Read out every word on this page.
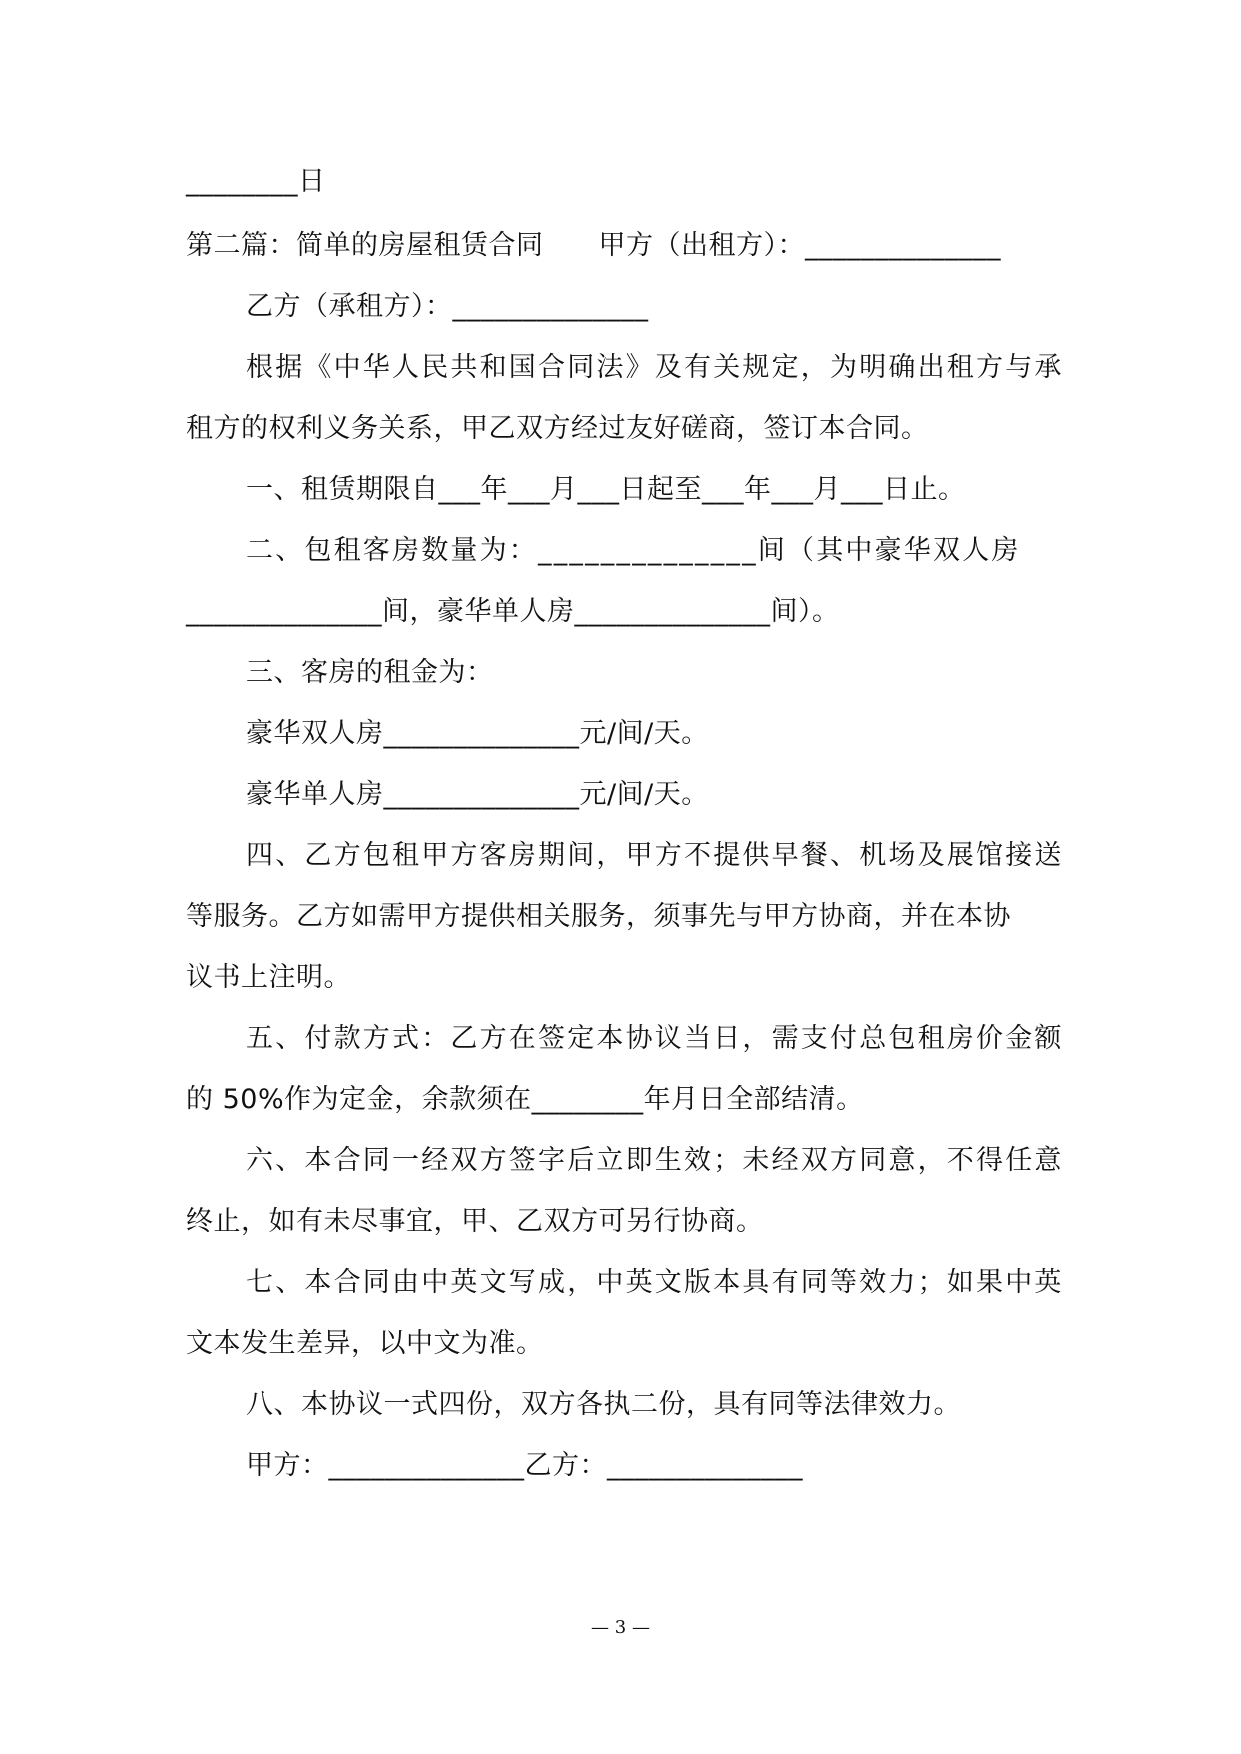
________日
第二篇：简单的房屋租赁合同　　甲方（出租方）：______________
乙方（承租方）：______________
根据《中华人民共和国合同法》及有关规定，为明确出租方与承
租方的权利义务关系，甲乙双方经过友好磋商，签订本合同。
一、租赁期限自___年___月___日起至___年___月___日止。
二、包租客房数量为：______________间（其中豪华双人房
______________间，豪华单人房______________间）。
三、客房的租金为：
豪华双人房______________元/间/天。
豪华单人房______________元/间/天。
四、乙方包租甲方客房期间，甲方不提供早餐、机场及展馆接送
等服务。乙方如需甲方提供相关服务，须事先与甲方协商，并在本协
议书上注明。
五、付款方式：乙方在签定本协议当日，需支付总包租房价金额
的 50%作为定金，余款须在________年月日全部结清。
六、本合同一经双方签字后立即生效；未经双方同意，不得任意
终止，如有未尽事宜，甲、乙双方可另行协商。
七、本合同由中英文写成，中英文版本具有同等效力；如果中英
文本发生差异，以中文为准。
八、本协议一式四份，双方各执二份，具有同等法律效力。
甲方：______________乙方：______________
— 3 —
